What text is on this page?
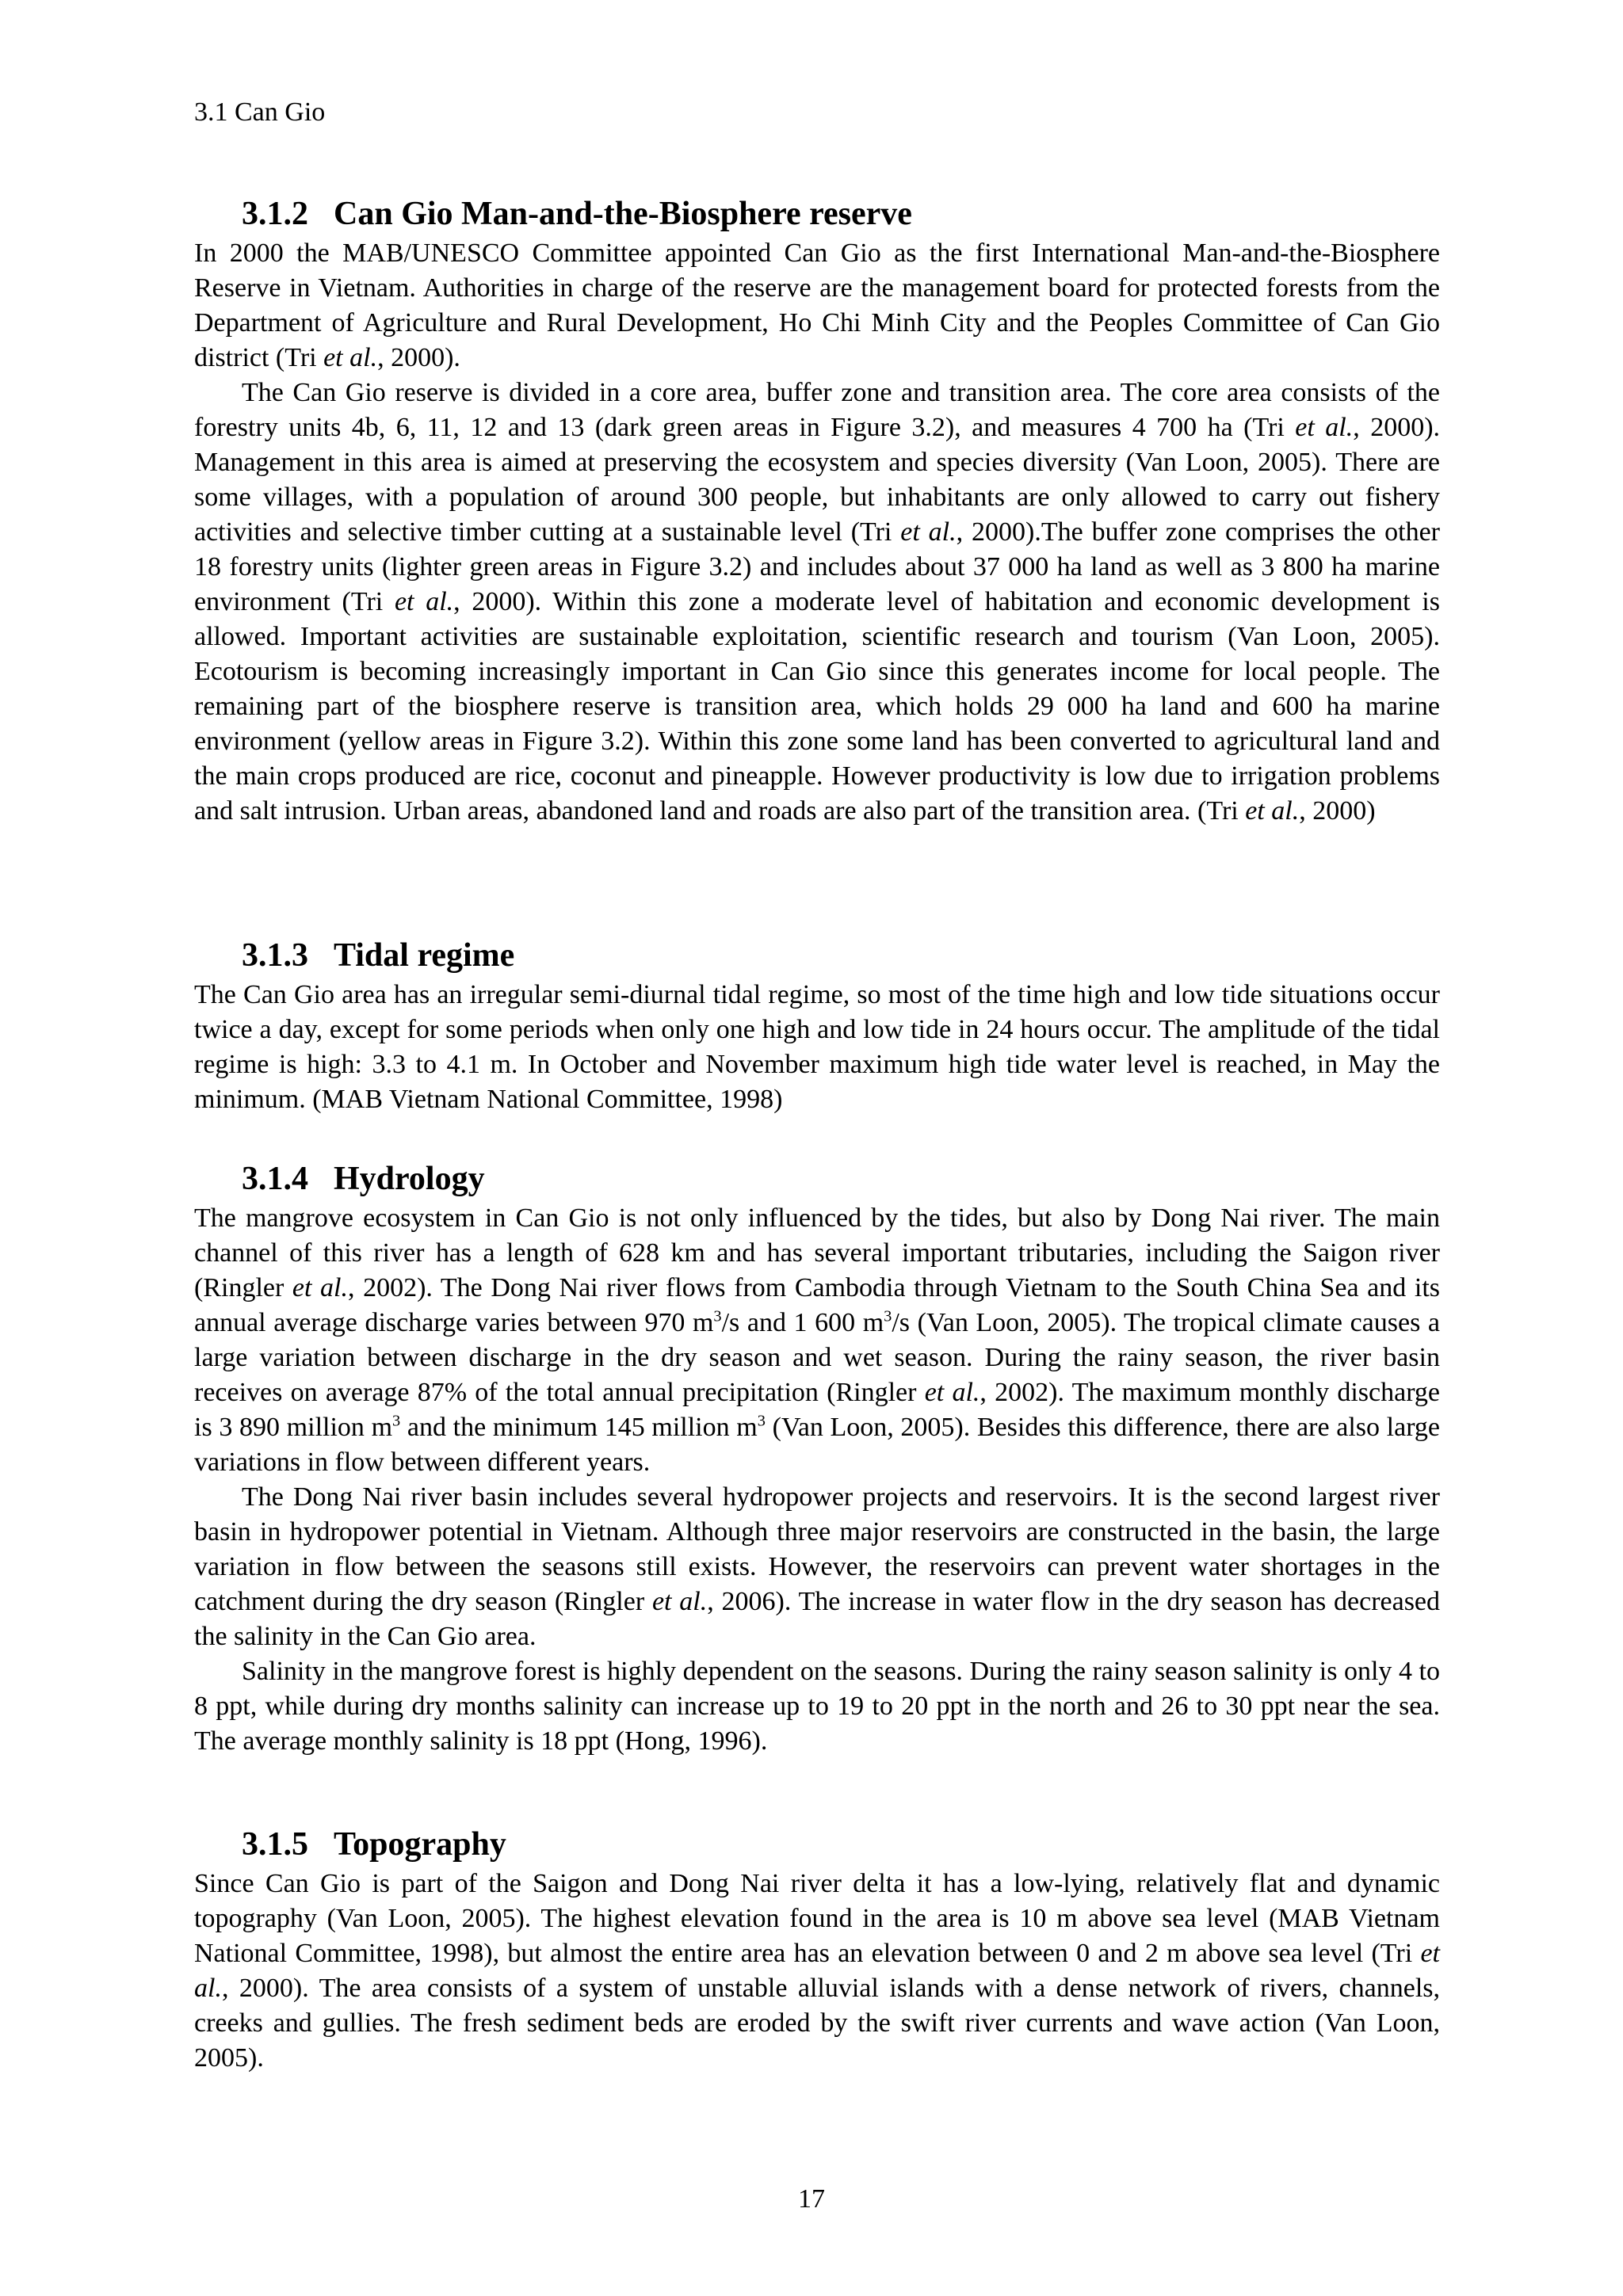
3.1 Can Gio
3.1.2 Can Gio Man-and-the-Biosphere reserve

In 2000 the MAB/UNESCO Committee appointed Can Gio as the first International Man-and-the-Biosphere Reserve in Vietnam. Authorities in charge of the reserve are the management board for protected forests from the Department of Agriculture and Rural Development, Ho Chi Minh City and the Peoples Committee of Can Gio district (Tri et al., 2000).

The Can Gio reserve is divided in a core area, buffer zone and transition area. The core area consists of the forestry units 4b, 6, 11, 12 and 13 (dark green areas in Figure 3.2), and measures 4 700 ha (Tri et al., 2000). Management in this area is aimed at preserving the ecosystem and species diversity (Van Loon, 2005). There are some villages, with a population of around 300 people, but inhabitants are only allowed to carry out fishery activities and selective timber cutting at a sustainable level (Tri et al., 2000).The buffer zone comprises the other 18 forestry units (lighter green areas in Figure 3.2) and includes about 37 000 ha land as well as 3 800 ha marine environment (Tri et al., 2000). Within this zone a moderate level of habitation and economic development is allowed. Important activities are sustainable exploitation, scientific research and tourism (Van Loon, 2005). Ecotourism is becoming increasingly important in Can Gio since this generates income for local people. The remaining part of the biosphere reserve is transition area, which holds 29 000 ha land and 600 ha marine environment (yellow areas in Figure 3.2). Within this zone some land has been converted to agricultural land and the main crops produced are rice, coconut and pineapple. However productivity is low due to irrigation problems and salt intrusion. Urban areas, abandoned land and roads are also part of the transition area. (Tri et al., 2000)

3.1.3 Tidal regime

The Can Gio area has an irregular semi-diurnal tidal regime, so most of the time high and low tide situations occur twice a day, except for some periods when only one high and low tide in 24 hours occur. The amplitude of the tidal regime is high: 3.3 to 4.1 m. In October and November maximum high tide water level is reached, in May the minimum. (MAB Vietnam National Committee, 1998)

3.1.4 Hydrology

The mangrove ecosystem in Can Gio is not only influenced by the tides, but also by Dong Nai river. The main channel of this river has a length of 628 km and has several important tributaries, including the Saigon river (Ringler et al., 2002). The Dong Nai river flows from Cambodia through Vietnam to the South China Sea and its annual average discharge varies between 970 $m^3/s$ and 1 600 $m^3/s$ (Van Loon, 2005). The tropical climate causes a large variation between discharge in the dry season and wet season. During the rainy season, the river basin receives on average 87% of the total annual precipitation (Ringler et al., 2002). The maximum monthly discharge is 3 890 million $m^3$ and the minimum 145 million $m^3$ (Van Loon, 2005). Besides this difference, there are also large variations in flow between different years.

The Dong Nai river basin includes several hydropower projects and reservoirs. It is the second largest river basin in hydropower potential in Vietnam. Although three major reservoirs are constructed in the basin, the large variation in flow between the seasons still exists. However, the reservoirs can prevent water shortages in the catchment during the dry season (Ringler et al., 2006). The increase in water flow in the dry season has decreased the salinity in the Can Gio area.

Salinity in the mangrove forest is highly dependent on the seasons. During the rainy season salinity is only 4 to 8 ppt, while during dry months salinity can increase up to 19 to 20 ppt in the north and 26 to 30 ppt near the sea. The average monthly salinity is 18 ppt (Hong, 1996).

3.1.5 Topography

Since Can Gio is part of the Saigon and Dong Nai river delta it has a low-lying, relatively flat and dynamic topography (Van Loon, 2005). The highest elevation found in the area is 10 m above sea level (MAB Vietnam National Committee, 1998), but almost the entire area has an elevation between 0 and 2 m above sea level (Tri et al., 2000). The area consists of a system of unstable alluvial islands with a dense network of rivers, channels, creeks and gullies. The fresh sediment beds are eroded by the swift river currents and wave action (Van Loon, 2005).

17
